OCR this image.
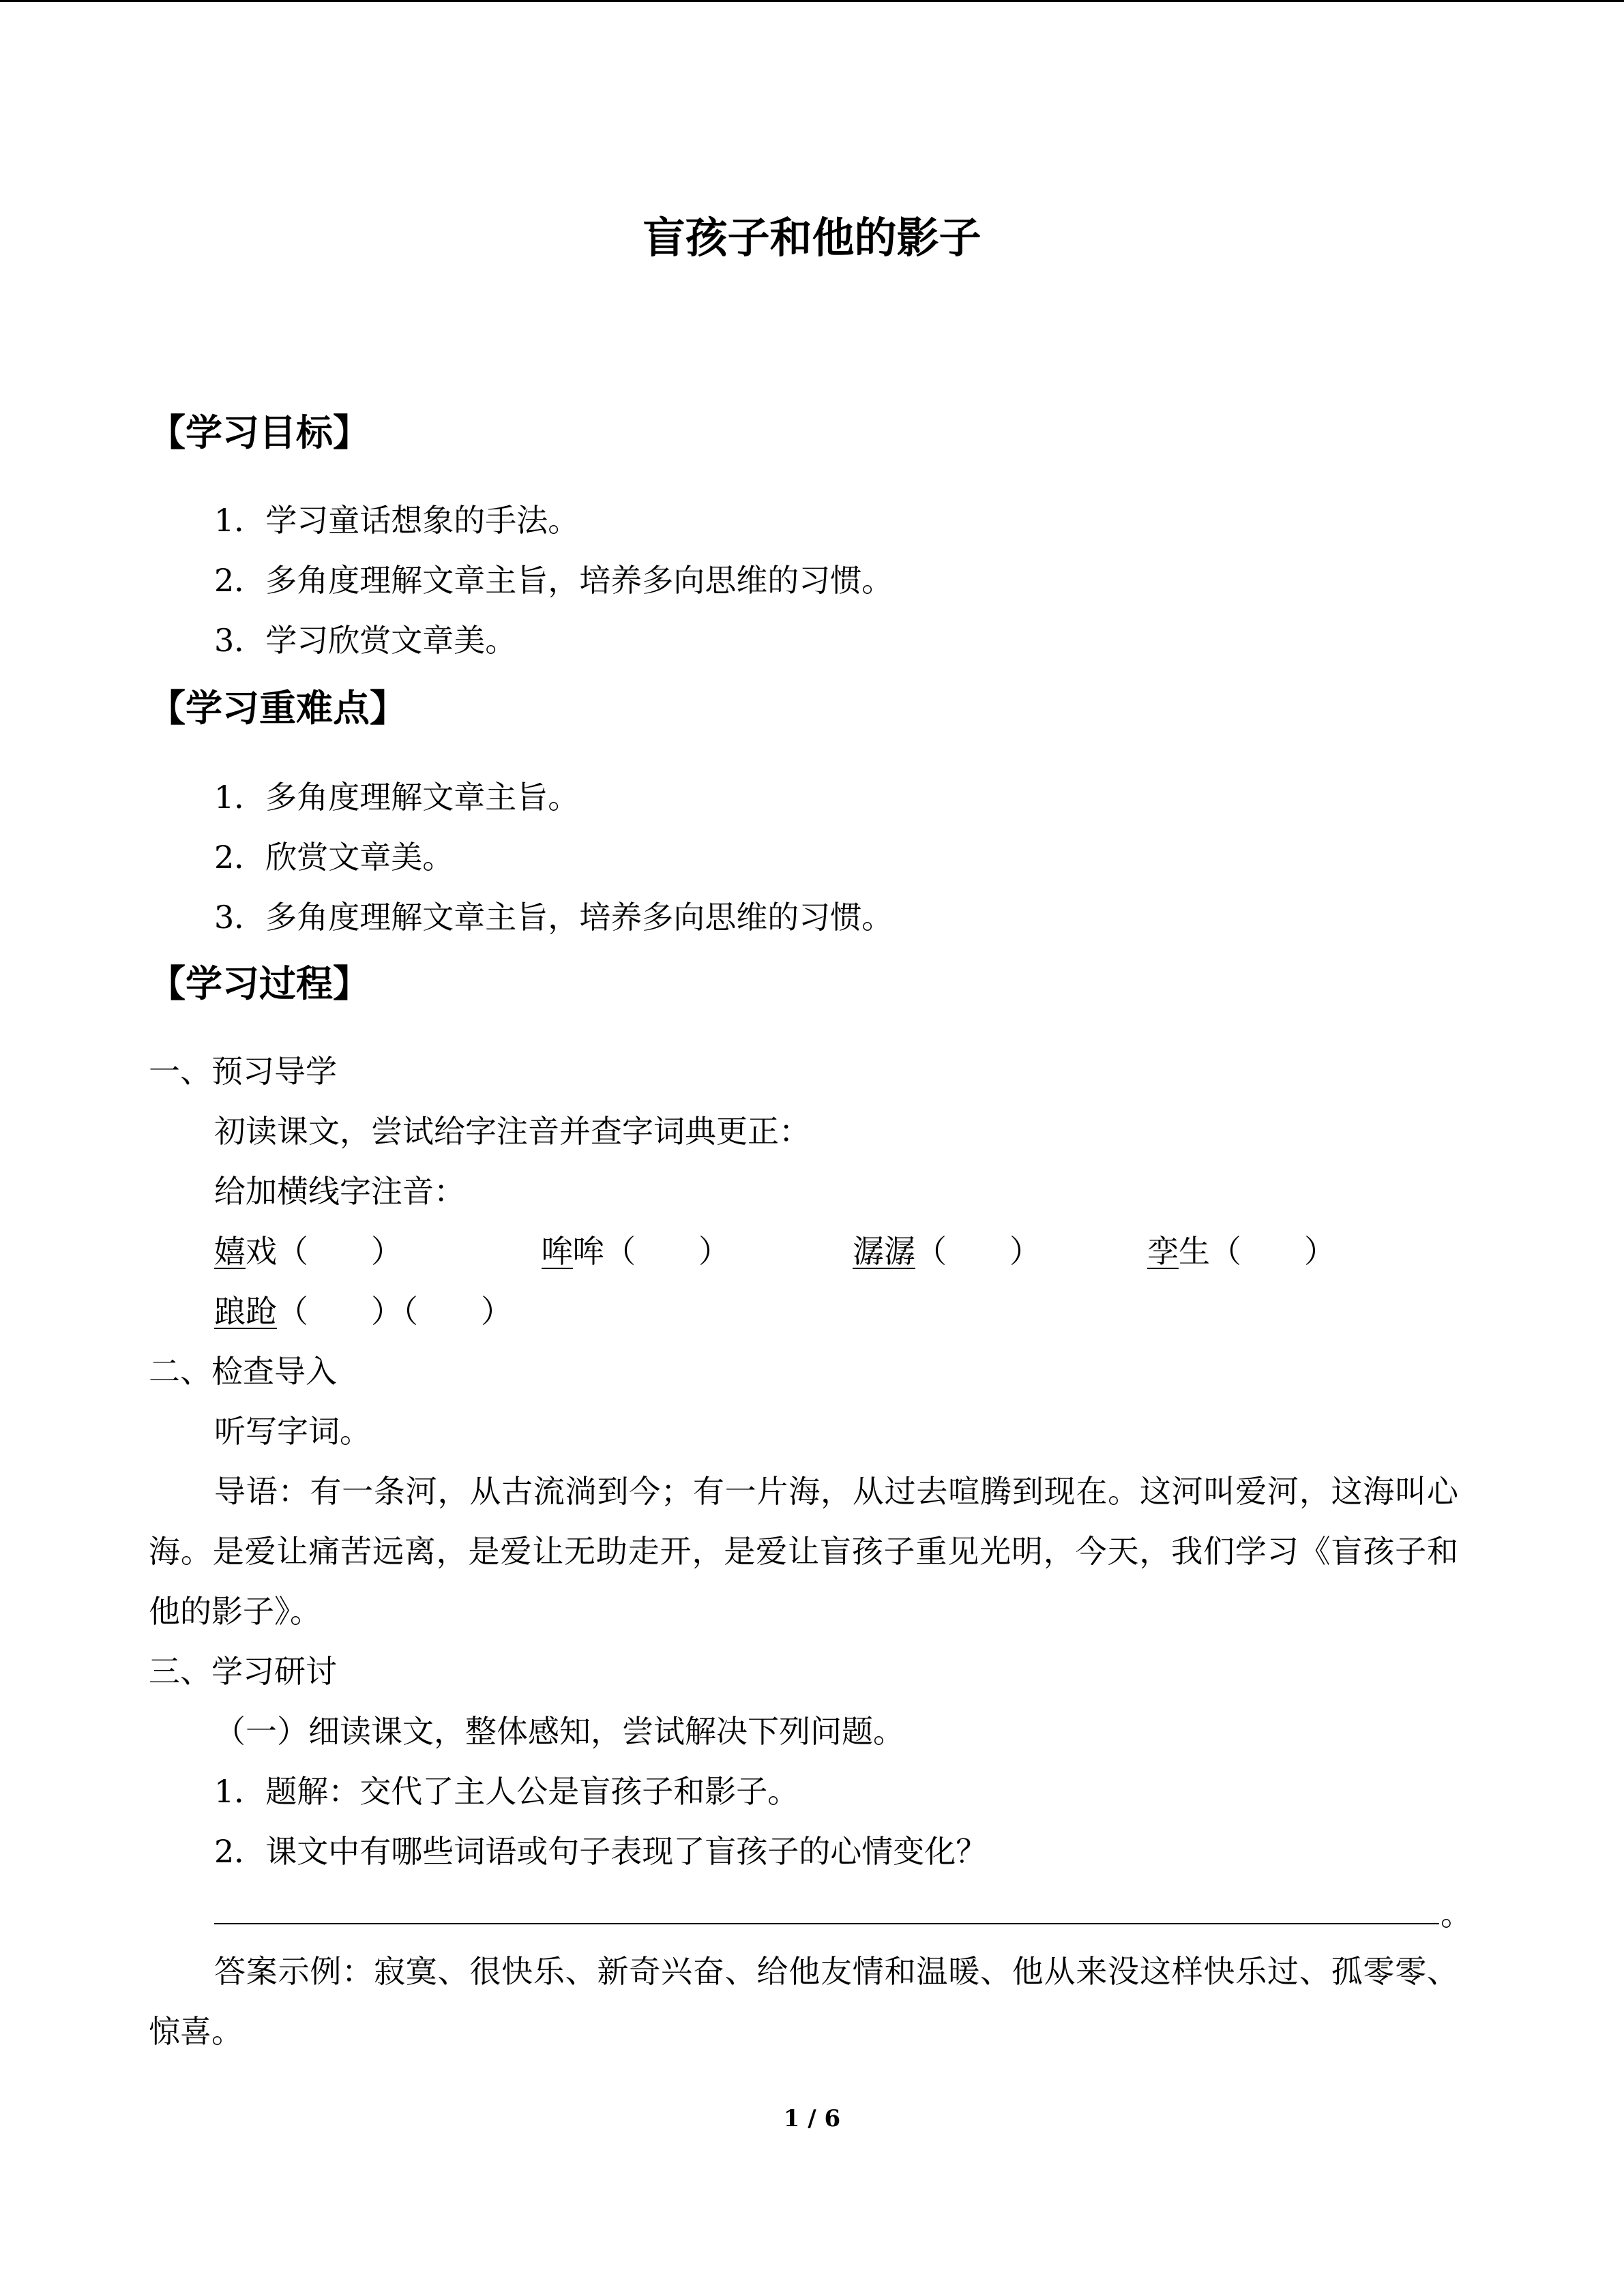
盲孩子和他的影子
【学习目标】
1．学习童话想象的手法。
2．多角度理解文章主旨，培养多向思维的习惯。
3．学习欣赏文章美。
【学习重难点】
1．多角度理解文章主旨。
2．欣赏文章美。
3．多角度理解文章主旨，培养多向思维的习惯。
【学习过程】
一、预习导学
初读课文，尝试给字注音并查字词典更正：
给加横线字注音：
嬉戏（　　）	哞哞（　　）	潺潺（　　）	孪生（　　）
踉跄（　　）（　　）
二、检查导入
听写字词。
导语：有一条河，从古流淌到今；有一片海，从过去喧腾到现在。这河叫爱河，这海叫心海。是爱让痛苦远离，是爱让无助走开，是爱让盲孩子重见光明，今天，我们学习《盲孩子和他的影子》。
三、学习研讨
（一）细读课文，整体感知，尝试解决下列问题。
1．题解：交代了主人公是盲孩子和影子。
2．课文中有哪些词语或句子表现了盲孩子的心情变化？
。
答案示例：寂寞、很快乐、新奇兴奋、给他友情和温暖、他从来没这样快乐过、孤零零、惊喜。
1 / 6
